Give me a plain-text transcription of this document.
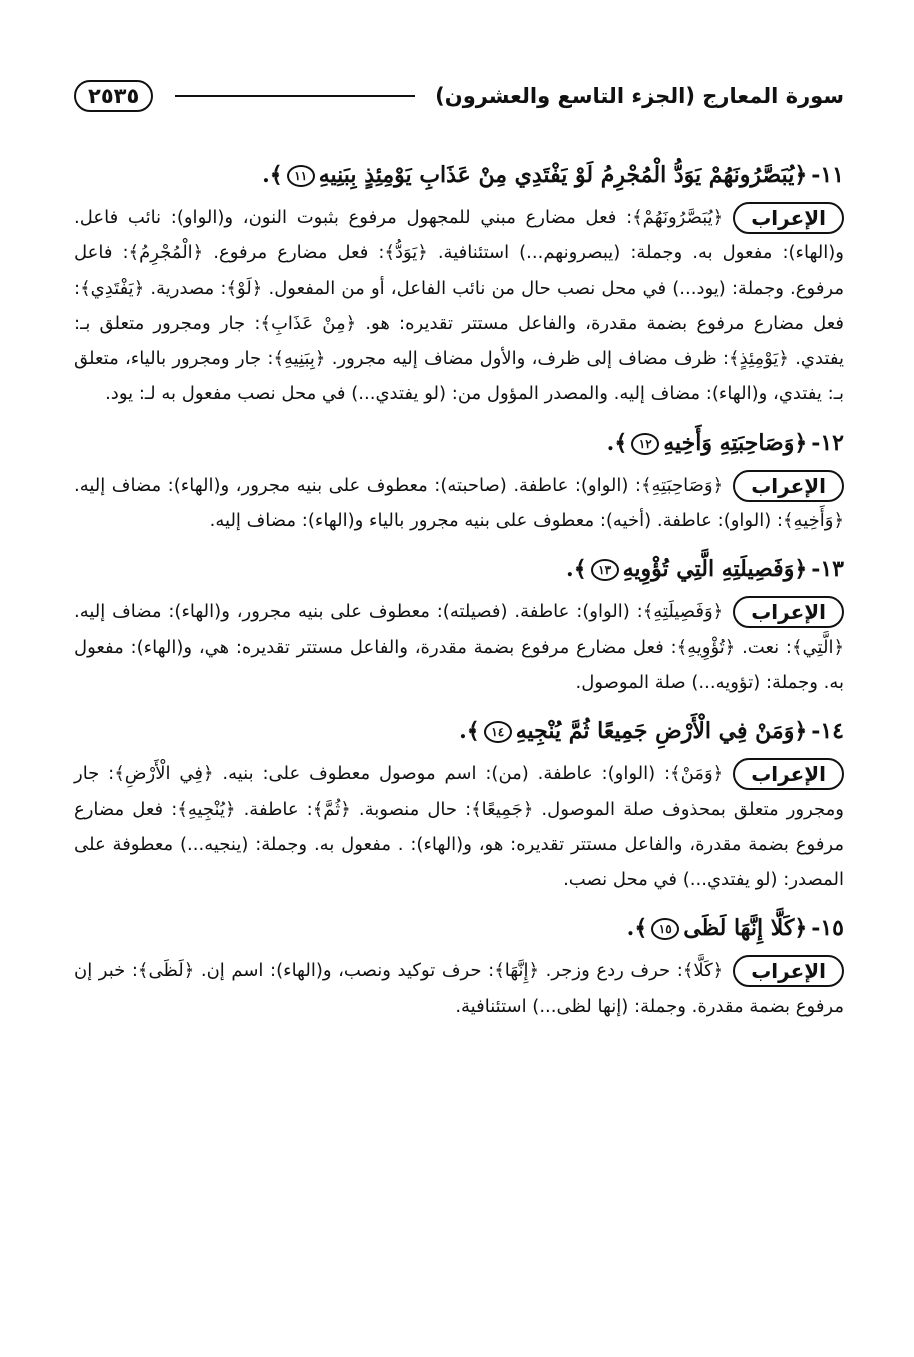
سورة المعارج (الجزء التاسع والعشرون)
٢٥٣٥
١١-﴿يُبَصَّرُونَهُمْ يَوَدُّ الْمُجْرِمُ لَوْ يَفْتَدِي مِنْ عَذَابِ يَوْمِئِذٍ بِبَنِيهِ١١﴾.
الإعراب
﴿يُبَصَّرُونَهُمْ﴾: فعل مضارع مبني للمجهول مرفوع بثبوت النون، و(الواو): نائب فاعل. و(الهاء): مفعول به. وجملة: (يبصرونهم...) استئنافية. ﴿يَوَدُّ﴾: فعل مضارع مرفوع. ﴿الْمُجْرِمُ﴾: فاعل مرفوع. وجملة: (يود...) في محل نصب حال من نائب الفاعل، أو من المفعول. ﴿لَوْ﴾: مصدرية. ﴿يَفْتَدِي﴾: فعل مضارع مرفوع بضمة مقدرة، والفاعل مستتر تقديره: هو. ﴿مِنْ عَذَابِ﴾: جار ومجرور متعلق بـ: يفتدي. ﴿يَوْمِئِذٍ﴾: ظرف مضاف إلى ظرف، والأول مضاف إليه مجرور. ﴿بِبَنِيهِ﴾: جار ومجرور بالياء، متعلق بـ: يفتدي، و(الهاء): مضاف إليه. والمصدر المؤول من: (لو يفتدي...) في محل نصب مفعول به لـ: يود.
١٢-﴿وَصَاحِبَتِهِ وَأَخِيهِ١٢﴾.
الإعراب
﴿وَصَاحِبَتِهِ﴾: (الواو): عاطفة. (صاحبته): معطوف على بنيه مجرور، و(الهاء): مضاف إليه. ﴿وَأَخِيهِ﴾: (الواو): عاطفة. (أخيه): معطوف على بنيه مجرور بالياء و(الهاء): مضاف إليه.
١٣-﴿وَفَصِيلَتِهِ الَّتِي تُؤْوِيهِ١٣﴾.
الإعراب
﴿وَفَصِيلَتِهِ﴾: (الواو): عاطفة. (فصيلته): معطوف على بنيه مجرور، و(الهاء): مضاف إليه. ﴿الَّتِي﴾: نعت. ﴿تُؤْوِيهِ﴾: فعل مضارع مرفوع بضمة مقدرة، والفاعل مستتر تقديره: هي، و(الهاء): مفعول به. وجملة: (تؤويه...) صلة الموصول.
١٤-﴿وَمَنْ فِي الْأَرْضِ جَمِيعًا ثُمَّ يُنْجِيهِ١٤﴾.
الإعراب
﴿وَمَنْ﴾: (الواو): عاطفة. (من): اسم موصول معطوف على: بنيه. ﴿فِي الْأَرْضِ﴾: جار ومجرور متعلق بمحذوف صلة الموصول. ﴿جَمِيعًا﴾: حال منصوبة. ﴿ثُمَّ﴾: عاطفة. ﴿يُنْجِيهِ﴾: فعل مضارع مرفوع بضمة مقدرة، والفاعل مستتر تقديره: هو، و(الهاء): . مفعول به. وجملة: (ينجيه...) معطوفة على المصدر: (لو يفتدي...) في محل نصب.
١٥-﴿كَلَّا إِنَّهَا لَظَى١٥﴾.
الإعراب
﴿كَلَّا﴾: حرف ردع وزجر. ﴿إِنَّهَا﴾: حرف توكيد ونصب، و(الهاء): اسم إن. ﴿لَظَى﴾: خبر إن مرفوع بضمة مقدرة. وجملة: (إنها لظى...) استئنافية.
